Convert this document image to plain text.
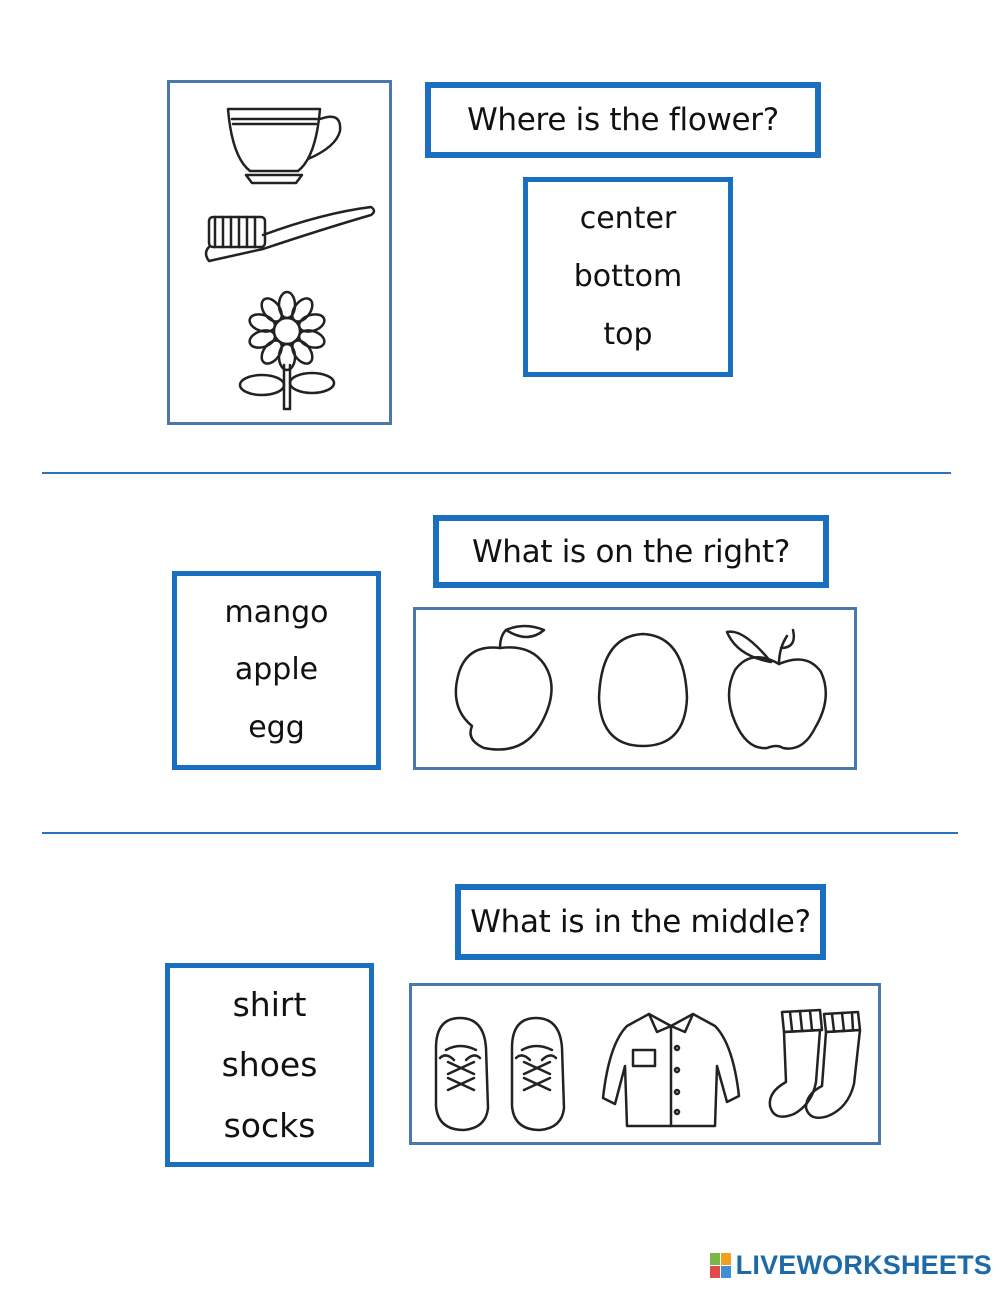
Where is the flower?
center
bottom
top
What is on the right?
mango
apple
egg
What is in the middle?
shirt
shoes
socks
LIVEWORKSHEETS
